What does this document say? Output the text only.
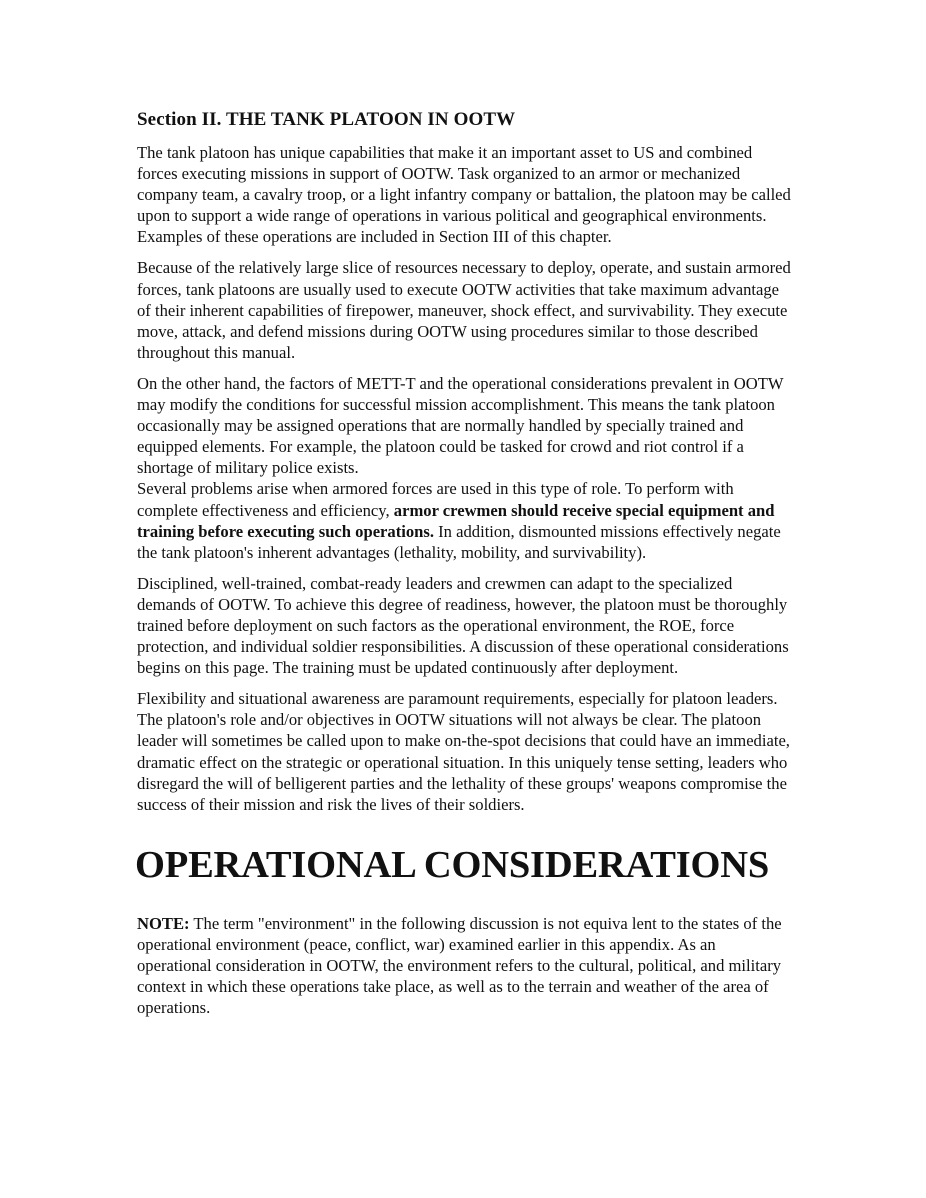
Section II. THE TANK PLATOON IN OOTW

The tank platoon has unique capabilities that make it an important asset to US and combined forces executing missions in support of OOTW. Task organized to an armor or mechanized company team, a cavalry troop, or a light infantry company or battalion, the platoon may be called upon to support a wide range of operations in various political and geographical environments. Examples of these operations are included in Section III of this chapter.

Because of the relatively large slice of resources necessary to deploy, operate, and sustain armored forces, tank platoons are usually used to execute OOTW activities that take maximum advantage of their inherent capabilities of firepower, maneuver, shock effect, and survivability. They execute move, attack, and defend missions during OOTW using procedures similar to those described throughout this manual.

On the other hand, the factors of METT-T and the operational considerations prevalent in OOTW may modify the conditions for successful mission accomplishment. This means the tank platoon occasionally may be assigned operations that are normally handled by specially trained and equipped elements. For example, the platoon could be tasked for crowd and riot control if a shortage of military police exists.

Several problems arise when armored forces are used in this type of role. To perform with complete effectiveness and efficiency, armor crewmen should receive special equipment and training before executing such operations. In addition, dismounted missions effectively negate the tank platoon's inherent advantages (lethality, mobility, and survivability).

Disciplined, well-trained, combat-ready leaders and crewmen can adapt to the specialized demands of OOTW. To achieve this degree of readiness, however, the platoon must be thoroughly trained before deployment on such factors as the operational environment, the ROE, force protection, and individual soldier responsibilities. A discussion of these operational considerations begins on this page. The training must be updated continuously after deployment.

Flexibility and situational awareness are paramount requirements, especially for platoon leaders. The platoon's role and/or objectives in OOTW situations will not always be clear. The platoon leader will sometimes be called upon to make on-the-spot decisions that could have an immediate, dramatic effect on the strategic or operational situation. In this uniquely tense setting, leaders who disregard the will of belligerent parties and the lethality of these groups' weapons compromise the success of their mission and risk the lives of their soldiers.

OPERATIONAL CONSIDERATIONS

NOTE: The term "environment" in the following discussion is not equiva lent to the states of the operational environment (peace, conflict, war) examined earlier in this appendix. As an operational consideration in OOTW, the environment refers to the cultural, political, and military context in which these operations take place, as well as to the terrain and weather of the area of operations.
